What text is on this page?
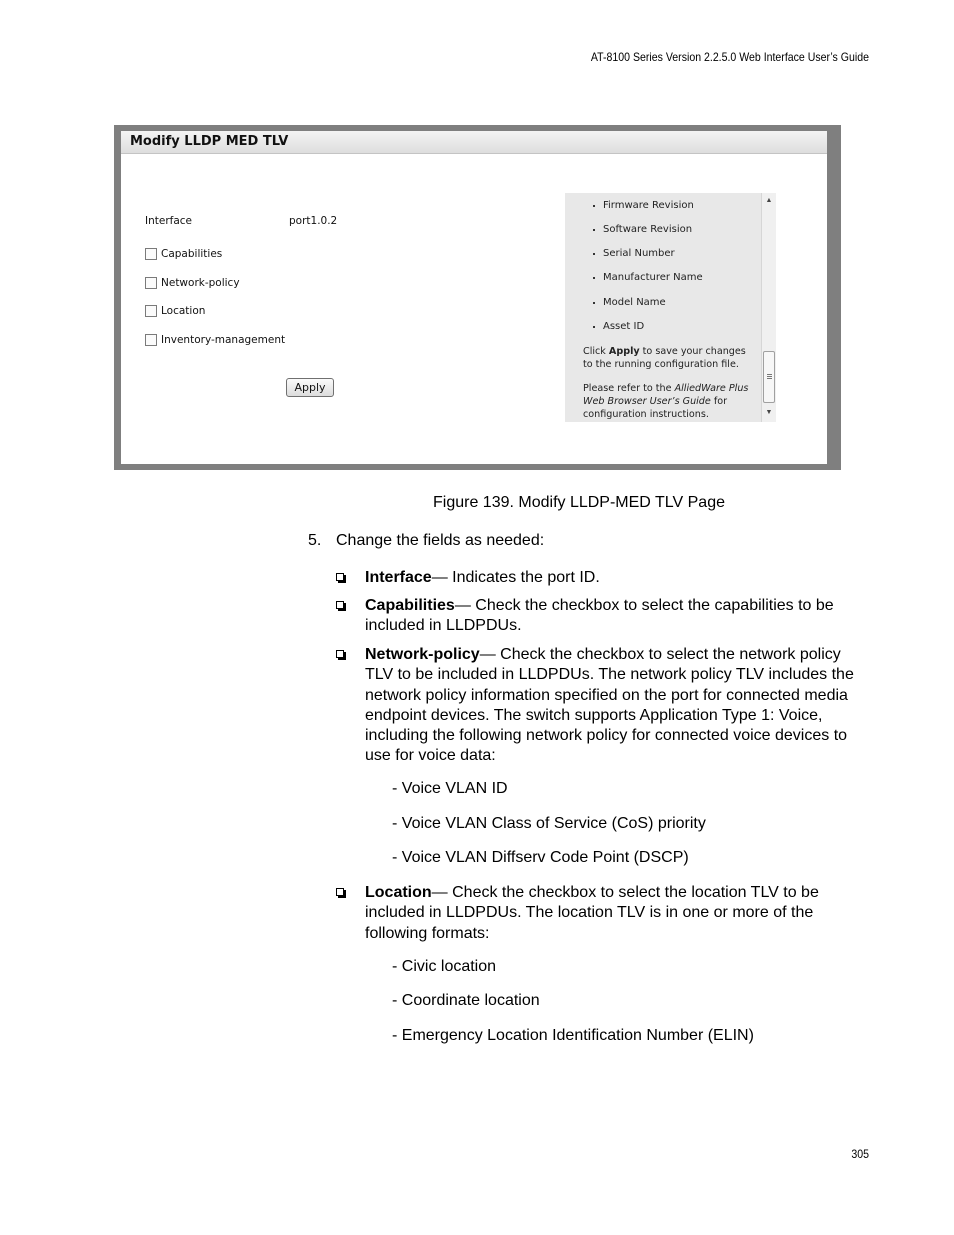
AT-8100 Series Version 2.2.5.0 Web Interface User’s Guide
Modify LLDP MED TLV
Interface	port1.0.2
Capabilities
Network-policy
Location
Inventory-management
Apply
Firmware Revision
Software Revision
Serial Number
Manufacturer Name
Model Name
Asset ID
Click Apply to save your changes to the running configuration file.
Please refer to the AlliedWare Plus Web Browser User’s Guide for configuration instructions.
▲
▼
Figure 139. Modify LLDP-MED TLV Page
5. Change the fields as needed:
Interface— Indicates the port ID.
Capabilities— Check the checkbox to select the capabilities to be included in LLDPDUs.
Network-policy— Check the checkbox to select the network policy TLV to be included in LLDPDUs. The network policy TLV includes the network policy information specified on the port for connected media endpoint devices. The switch supports Application Type 1: Voice, including the following network policy for connected voice devices to use for voice data:
- Voice VLAN ID
- Voice VLAN Class of Service (CoS) priority
- Voice VLAN Diffserv Code Point (DSCP)
Location— Check the checkbox to select the location TLV to be included in LLDPDUs. The location TLV is in one or more of the following formats:
- Civic location
- Coordinate location
- Emergency Location Identification Number (ELIN)
305
